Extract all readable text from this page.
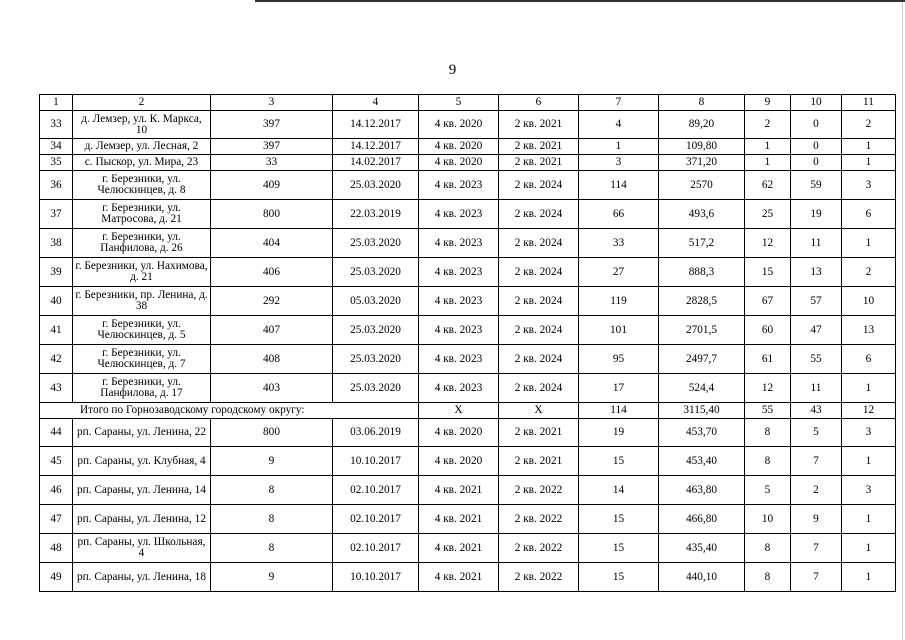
9
1	2	3	4	5	6	7	8	9	10	11
33	д. Лемзер, ул. К. Маркса, 10	397	14.12.2017	4 кв. 2020	2 кв. 2021	4	89,20	2	0	2
34	д. Лемзер, ул. Лесная, 2	397	14.12.2017	4 кв. 2020	2 кв. 2021	1	109,80	1	0	1
35	с. Пыскор, ул. Мира, 23	33	14.02.2017	4 кв. 2020	2 кв. 2021	3	371,20	1	0	1
36	г. Березники, ул. Челюскинцев, д. 8	409	25.03.2020	4 кв. 2023	2 кв. 2024	114	2570	62	59	3
37	г. Березники, ул. Матросова, д. 21	800	22.03.2019	4 кв. 2023	2 кв. 2024	66	493,6	25	19	6
38	г. Березники, ул. Панфилова, д. 26	404	25.03.2020	4 кв. 2023	2 кв. 2024	33	517,2	12	11	1
39	г. Березники, ул. Нахимова, д. 21	406	25.03.2020	4 кв. 2023	2 кв. 2024	27	888,3	15	13	2
40	г. Березники, пр. Ленина, д. 38	292	05.03.2020	4 кв. 2023	2 кв. 2024	119	2828,5	67	57	10
41	г. Березники, ул. Челюскинцев, д. 5	407	25.03.2020	4 кв. 2023	2 кв. 2024	101	2701,5	60	47	13
42	г. Березники, ул. Челюскинцев, д. 7	408	25.03.2020	4 кв. 2023	2 кв. 2024	95	2497,7	61	55	6
43	г. Березники, ул. Панфилова, д. 17	403	25.03.2020	4 кв. 2023	2 кв. 2024	17	524,4	12	11	1
Итого по Горнозаводскому городскому округу:				X	X	114	3115,40	55	43	12
44	рп. Сараны, ул. Ленина, 22	800	03.06.2019	4 кв. 2020	2 кв. 2021	19	453,70	8	5	3
45	рп. Сараны, ул. Клубная, 4	9	10.10.2017	4 кв. 2020	2 кв. 2021	15	453,40	8	7	1
46	рп. Сараны, ул. Ленина, 14	8	02.10.2017	4 кв. 2021	2 кв. 2022	14	463,80	5	2	3
47	рп. Сараны, ул. Ленина, 12	8	02.10.2017	4 кв. 2021	2 кв. 2022	15	466,80	10	9	1
48	рп. Сараны, ул. Школьная, 4	8	02.10.2017	4 кв. 2021	2 кв. 2022	15	435,40	8	7	1
49	рп. Сараны, ул. Ленина, 18	9	10.10.2017	4 кв. 2021	2 кв. 2022	15	440,10	8	7	1
